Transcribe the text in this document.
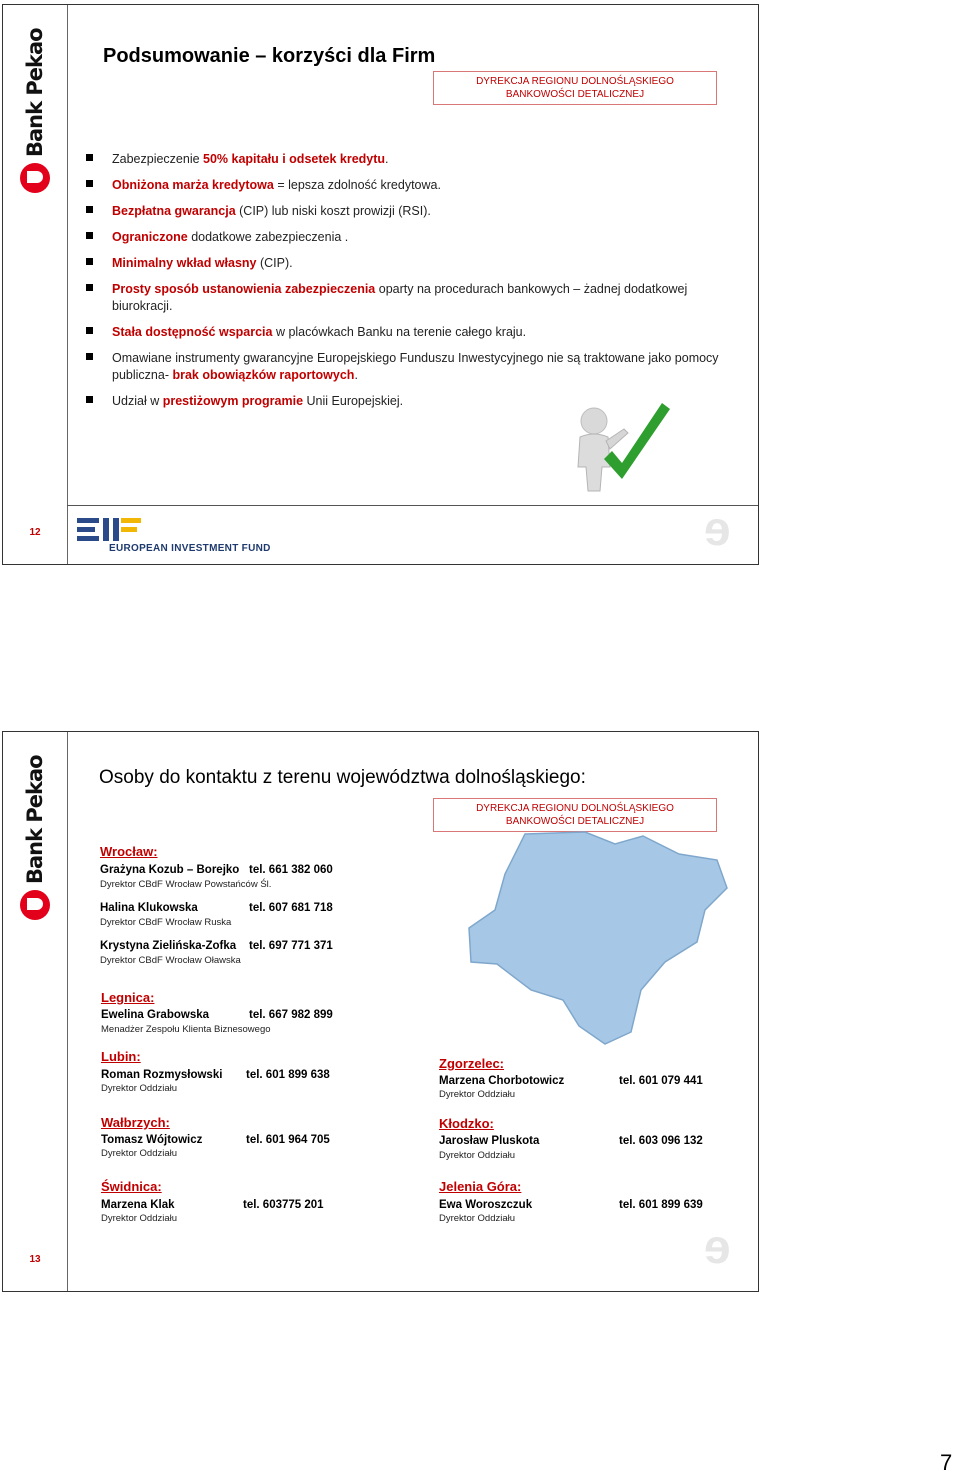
Bank Pekao
12
Podsumowanie – korzyści dla Firm
DYREKCJA REGIONU DOLNOŚLĄSKIEGO
BANKOWOŚCI DETALICZNEJ
Zabezpieczenie 50% kapitału i odsetek kredytu.
Obniżona marża kredytowa = lepsza zdolność kredytowa.
Bezpłatna gwarancja (CIP) lub niski koszt prowizji (RSI).
Ograniczone dodatkowe zabezpieczenia .
Minimalny wkład własny (CIP).
Prosty sposób ustanowienia zabezpieczenia oparty na procedurach bankowych – żadnej dodatkowej biurokracji.
Stała dostępność wsparcia w placówkach Banku na terenie całego kraju.
Omawiane instrumenty gwarancyjne Europejskiego Funduszu Inwestycyjnego nie są traktowane jako pomocy publiczna- brak obowiązków raportowych.
Udział w prestiżowym programie Unii Europejskiej.
EUROPEAN INVESTMENT FUND	ɘ
Bank Pekao
13
Osoby do kontaktu z terenu województwa dolnośląskiego:
DYREKCJA REGIONU DOLNOŚLĄSKIEGO
BANKOWOŚCI DETALICZNEJ
Wrocław:
Grażyna Kozub – Borejko tel. 661 382 060
Dyrektor CBdF Wrocław Powstańców Śl.
Halina Klukowska	tel. 607 681 718
Dyrektor CBdF Wrocław Ruska
Krystyna Zielińska-Zofka tel. 697 771 371
Dyrektor CBdF Wrocław Oławska
Legnica:
Ewelina Grabowska	tel. 667 982 899
Menadżer Zespołu Klienta Biznesowego
Lubin:
Roman Rozmysłowski tel. 601 899 638
Dyrektor Oddziału
Wałbrzych:
Tomasz Wójtowicz	tel. 601 964 705
Dyrektor Oddziału
Świdnica:
Marzena Klak	tel. 603775 201
Dyrektor Oddziału
Zgorzelec:
Marzena Chorbotowicz	tel. 601 079 441
Dyrektor Oddziału
Kłodzko:
Jarosław Pluskota	tel. 603 096 132
Dyrektor Oddziału
Jelenia Góra:
Ewa Woroszczuk	tel. 601 899 639
Dyrektor Oddziału
ɘ
7
